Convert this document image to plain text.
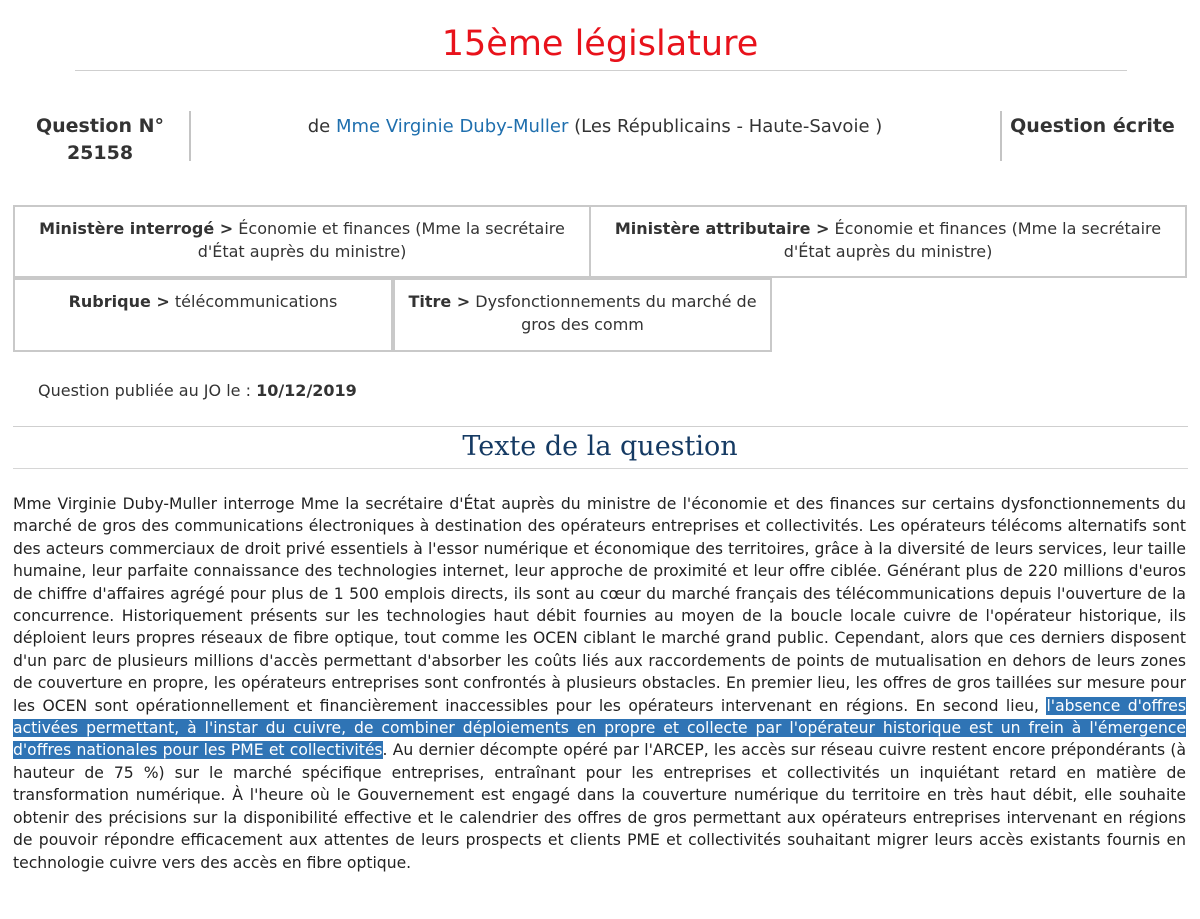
15ème législature
Question N°
25158
de Mme Virginie Duby-Muller (Les Républicains - Haute-Savoie )	Question écrite
Ministère interrogé > Économie et finances (Mme la secrétaire d'État auprès du ministre)
Ministère attributaire > Économie et finances (Mme la secrétaire d'État auprès du ministre)
Rubrique > télécommunications	Titre > Dysfonctionnements du marché de gros des comm
Question publiée au JO le : 10/12/2019
Texte de la question
Mme Virginie Duby-Muller interroge Mme la secrétaire d'État auprès du ministre de l'économie et des finances sur certains dysfonctionnements du marché de gros des communications électroniques à destination des opérateurs entreprises et collectivités. Les opérateurs télécoms alternatifs sont des acteurs commerciaux de droit privé essentiels à l'essor numérique et économique des territoires, grâce à la diversité de leurs services, leur taille humaine, leur parfaite connaissance des technologies internet, leur approche de proximité et leur offre ciblée. Générant plus de 220 millions d'euros de chiffre d'affaires agrégé pour plus de 1 500 emplois directs, ils sont au cœur du marché français des télécommunications depuis l'ouverture de la concurrence. Historiquement présents sur les technologies haut débit fournies au moyen de la boucle locale cuivre de l'opérateur historique, ils déploient leurs propres réseaux de fibre optique, tout comme les OCEN ciblant le marché grand public. Cependant, alors que ces derniers disposent d'un parc de plusieurs millions d'accès permettant d'absorber les coûts liés aux raccordements de points de mutualisation en dehors de leurs zones de couverture en propre, les opérateurs entreprises sont confrontés à plusieurs obstacles. En premier lieu, les offres de gros taillées sur mesure pour les OCEN sont opérationnellement et financièrement inaccessibles pour les opérateurs intervenant en régions. En second lieu, l'absence d'offres activées permettant, à l'instar du cuivre, de combiner déploiements en propre et collecte par l'opérateur historique est un frein à l'émergence d'offres nationales pour les PME et collectivités. Au dernier décompte opéré par l'ARCEP, les accès sur réseau cuivre restent encore prépondérants (à hauteur de 75 %) sur le marché spécifique entreprises, entraînant pour les entreprises et collectivités un inquiétant retard en matière de transformation numérique. À l'heure où le Gouvernement est engagé dans la couverture numérique du territoire en très haut débit, elle souhaite obtenir des précisions sur la disponibilité effective et le calendrier des offres de gros permettant aux opérateurs entreprises intervenant en régions de pouvoir répondre efficacement aux attentes de leurs prospects et clients PME et collectivités souhaitant migrer leurs accès existants fournis en technologie cuivre vers des accès en fibre optique.
